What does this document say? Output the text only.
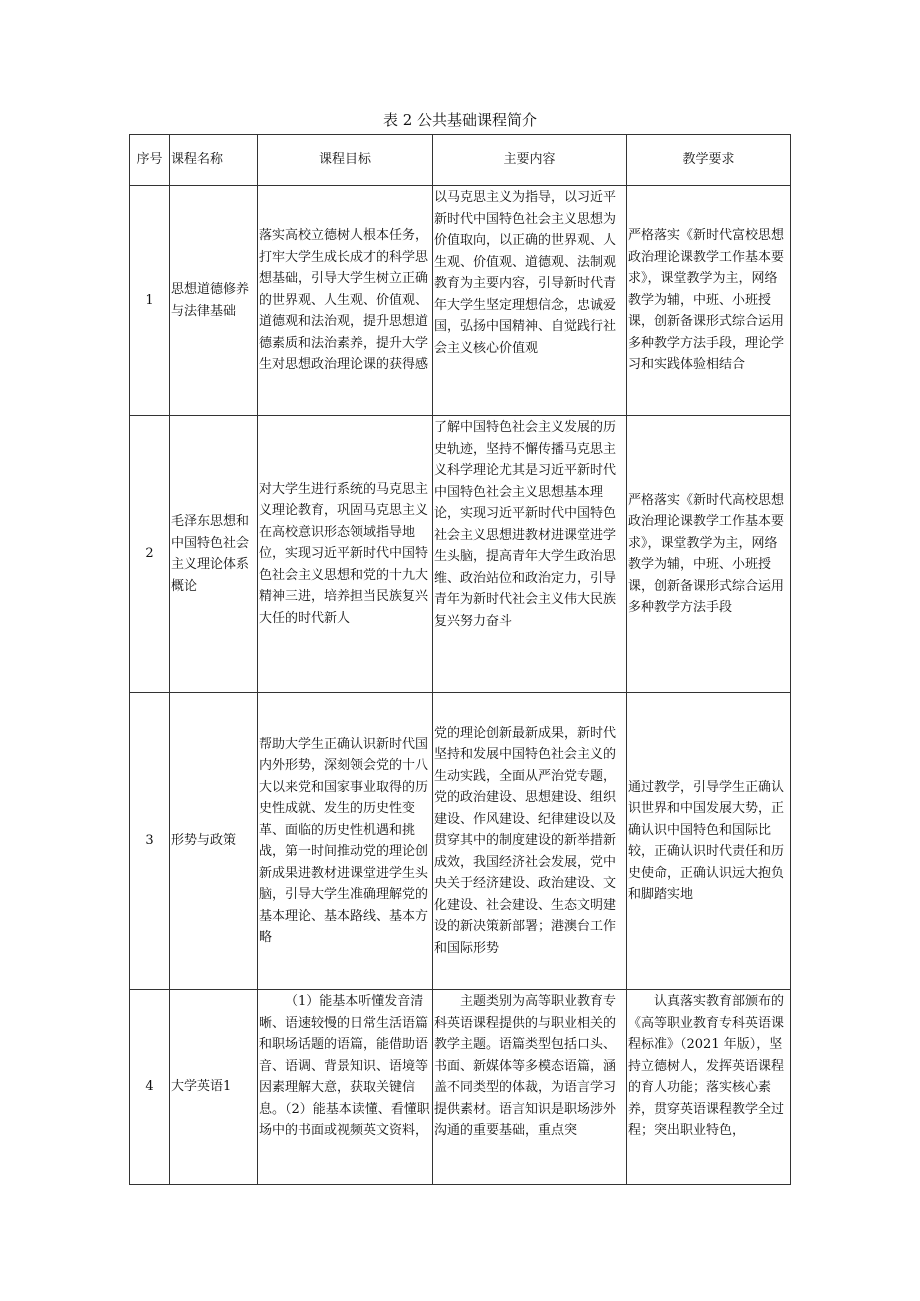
表 2 公共基础课程简介
序号	课程名称	课程目标	主要内容	教学要求
1	思想道德修养与法律基础	落实高校立德树人根本任务，打牢大学生成长成才的科学思想基础，引导大学生树立正确的世界观、人生观、价值观、道德观和法治观，提升思想道德素质和法治素养，提升大学生对思想政治理论课的获得感	以马克思主义为指导，以习近平新时代中国特色社会主义思想为价值取向，以正确的世界观、人生观、价值观、道德观、法制观教育为主要内容，引导新时代青年大学生坚定理想信念，忠诚爱国，弘扬中国精神、自觉践行社会主义核心价值观	严格落实《新时代富校思想政治理论课教学工作基本要求》，课堂教学为主，网络教学为辅，中班、小班授课，创新备课形式综合运用多种教学方法手段，理论学习和实践体验相结合
2	毛泽东思想和中国特色社会主义理论体系概论	对大学生进行系统的马克思主义理论教育，巩固马克思主义在高校意识形态领域指导地位，实现习近平新时代中国特色社会主义思想和党的十九大精神三进，培养担当民族复兴大任的时代新人	了解中国特色社会主义发展的历史轨迹，坚持不懈传播马克思主义科学理论尤其是习近平新时代中国特色社会主义思想基本理论，实现习近平新时代中国特色社会主义思想进教材进课堂进学生头脑，提高青年大学生政治思维、政治站位和政治定力，引导青年为新时代社会主义伟大民族复兴努力奋斗	严格落实《新时代高校思想政治理论课教学工作基本要求》，课堂教学为主，网络教学为辅，中班、小班授课，创新备课形式综合运用多种教学方法手段
3	形势与政策	帮助大学生正确认识新时代国内外形势，深刻领会党的十八大以来党和国家事业取得的历史性成就、发生的历史性变革、面临的历史性机遇和挑战，第一时间推动党的理论创新成果进教材进课堂进学生头脑，引导大学生准确理解党的基本理论、基本路线、基本方略	党的理论创新最新成果，新时代坚持和发展中国特色社会主义的生动实践，全面从严治党专题，党的政治建设、思想建设、组织建设、作风建设、纪律建设以及贯穿其中的制度建设的新举措新成效，我国经济社会发展，党中央关于经济建设、政治建设、文化建设、社会建设、生态文明建设的新决策新部署；港澳台工作和国际形势	通过教学，引导学生正确认识世界和中国发展大势，正确认识中国特色和国际比较，正确认识时代责任和历史使命，正确认识远大抱负和脚踏实地
4	大学英语1	（1）能基本听懂发音清晰、语速较慢的日常生活语篇和职场话题的语篇，能借助语音、语调、背景知识、语境等因素理解大意，获取关键信息。（2）能基本读懂、看懂职场中的书面或视频英文资料，	主题类别为高等职业教育专科英语课程提供的与职业相关的教学主题。语篇类型包括口头、书面、新媒体等多模态语篇，涵盖不同类型的体裁，为语言学习提供素材。语言知识是职场涉外沟通的重要基础，重点突	认真落实教育部颁布的《高等职业教育专科英语课程标准》（2021 年版），坚持立德树人，发挥英语课程的育人功能；落实核心素养，贯穿英语课程教学全过程；突出职业特色，
